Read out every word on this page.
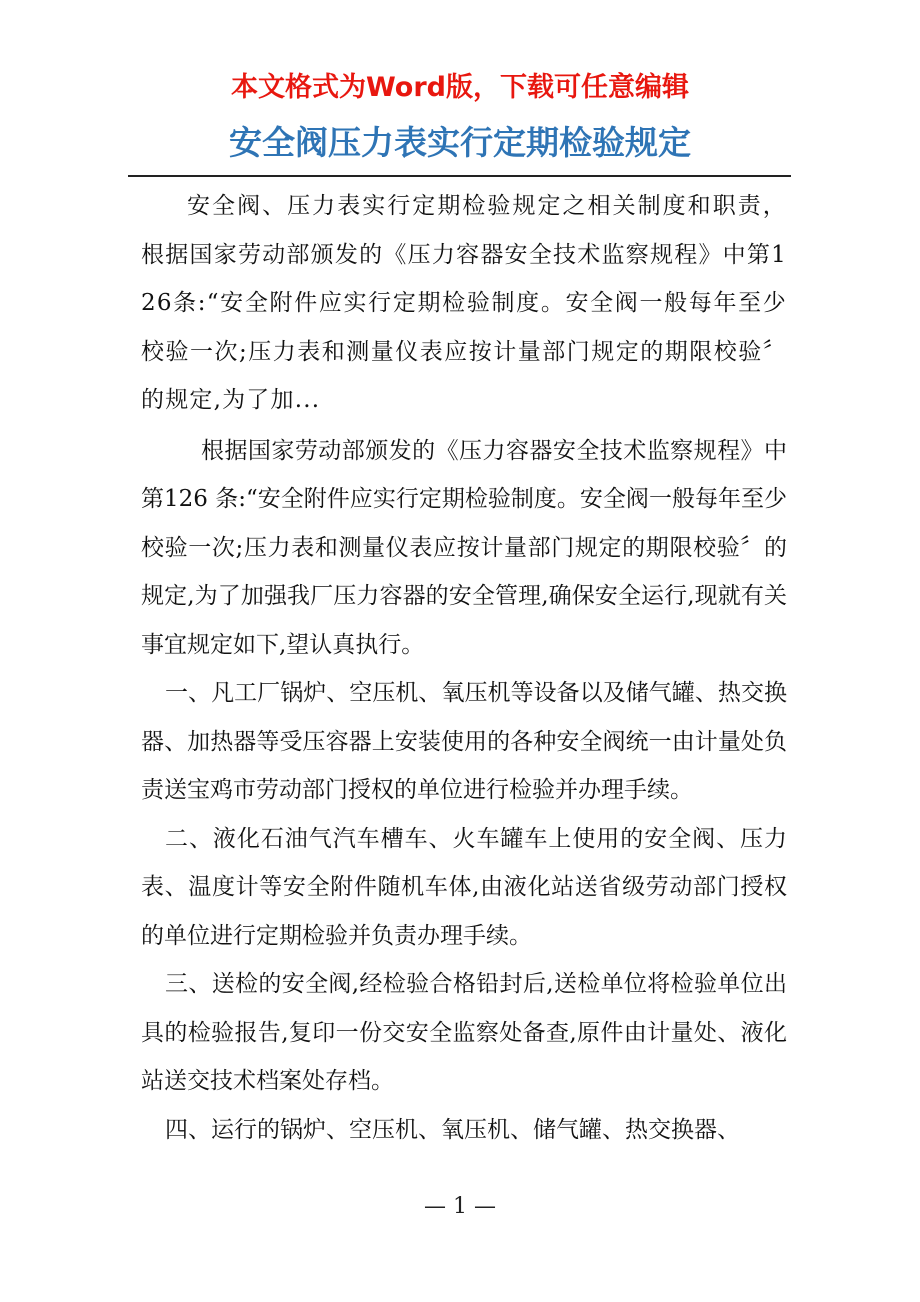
本文格式为Word版，下载可任意编辑
安全阀压力表实行定期检验规定

安全阀、压力表实行定期检验规定之相关制度和职责，根据国家劳动部颁发的《压力容器安全技术监察规程》中第126条:“安全附件应实行定期检验制度。安全阀一般每年至少校验一次;压力表和测量仪表应按计量部门规定的期限校验〞的规定,为了加...

根据国家劳动部颁发的《压力容器安全技术监察规程》中第126 条:“安全附件应实行定期检验制度。安全阀一般每年至少校验一次;压力表和测量仪表应按计量部门规定的期限校验〞的规定,为了加强我厂压力容器的安全管理,确保安全运行,现就有关事宜规定如下,望认真执行。

一、凡工厂锅炉、空压机、氧压机等设备以及储气罐、热交换器、加热器等受压容器上安装使用的各种安全阀统一由计量处负责送宝鸡市劳动部门授权的单位进行检验并办理手续。

二、液化石油气汽车槽车、火车罐车上使用的安全阀、压力表、温度计等安全附件随机车体,由液化站送省级劳动部门授权的单位进行定期检验并负责办理手续。

三、送检的安全阀,经检验合格铅封后,送检单位将检验单位出具的检验报告,复印一份交安全监察处备查,原件由计量处、液化站送交技术档案处存档。

四、运行的锅炉、空压机、氧压机、储气罐、热交换器、

— 1 —
